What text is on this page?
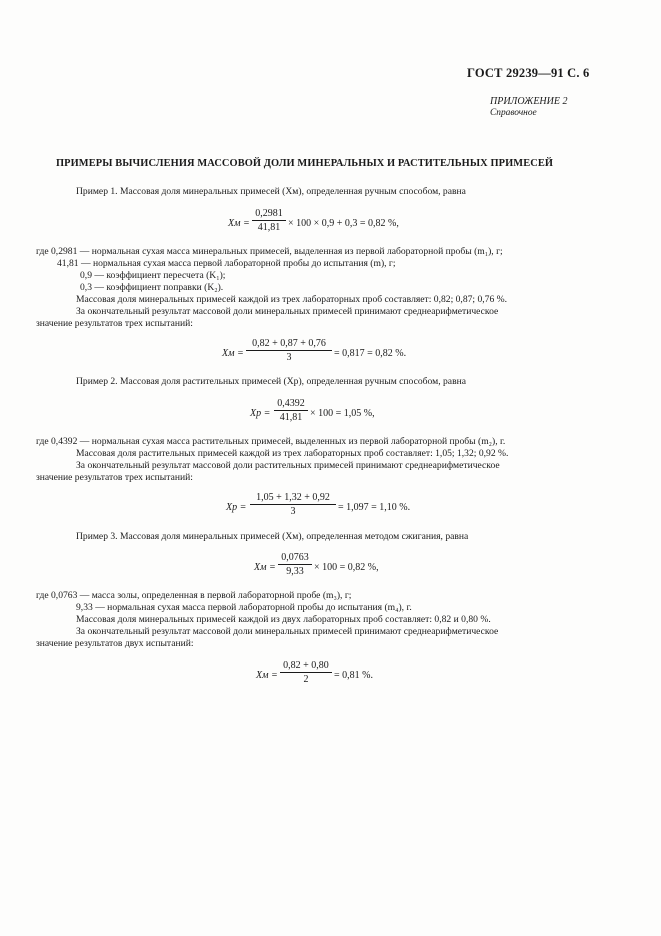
ГОСТ 29239—91 С. 6
ПРИЛОЖЕНИЕ 2
Справочное
ПРИМЕРЫ ВЫЧИСЛЕНИЯ МАССОВОЙ ДОЛИ МИНЕРАЛЬНЫХ И РАСТИТЕЛЬНЫХ ПРИМЕСЕЙ
Пример 1. Массовая доля минеральных примесей (Xм), определенная ручным способом, равна
Xм = $\frac{0,2981}{41,81} \times 100 \times 0,9 + 0,3 = 0,82$ %,
где 0,2981 — нормальная сухая масса минеральных примесей, выделенная из первой лабораторной пробы (m₁), г;
41,81 — нормальная сухая масса первой лабораторной пробы до испытания (m), г;
0,9 — коэффициент пересчета (K₁);
0,3 — коэффициент поправки (K₂).
Массовая доля минеральных примесей каждой из трех лабораторных проб составляет: 0,82; 0,87; 0,76 %.
За окончательный результат массовой доли минеральных примесей принимают среднеарифметическое
значение результатов трех испытаний:
Xм = $\frac{0,82 + 0,87 + 0,76}{3} = 0,817 = 0,82$ %.
Пример 2. Массовая доля растительных примесей (Xр), определенная ручным способом, равна
Xр = $\frac{0,4392}{41,81} \times 100 = 1,05$ %,
где 0,4392 — нормальная сухая масса растительных примесей, выделенных из первой лабораторной пробы (m₂), г.
Массовая доля растительных примесей каждой из трех лабораторных проб составляет: 1,05; 1,32; 0,92 %.
За окончательный результат массовой доли растительных примесей принимают среднеарифметическое
значение результатов трех испытаний:
Xр = $\frac{1,05 + 1,32 + 0,92}{3} = 1,097 = 1,10$ %.
Пример 3. Массовая доля минеральных примесей (Xм), определенная методом сжигания, равна
Xм = $\frac{0,0763}{9,33} \times 100 = 0,82$ %,
где 0,0763 — масса золы, определенная в первой лабораторной пробе (m₃), г;
9,33 — нормальная сухая масса первой лабораторной пробы до испытания (m₄), г.
Массовая доля минеральных примесей каждой из двух лабораторных проб составляет: 0,82 и 0,80 %.
За окончательный результат массовой доли минеральных примесей принимают среднеарифметическое
значение результатов двух испытаний:
Xм = $\frac{0,82 + 0,80}{2} = 0,81$ %.
